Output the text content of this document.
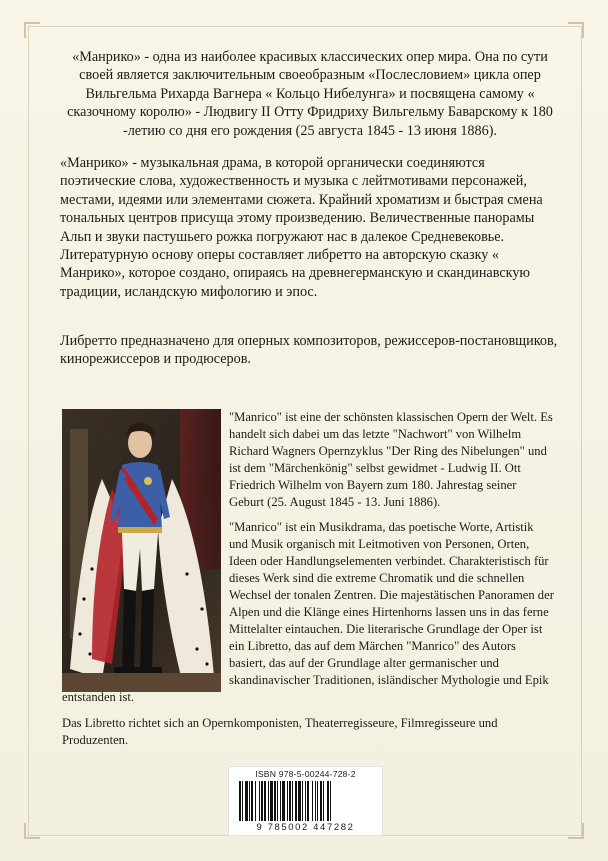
«Манрико» - одна из наиболее красивых классических опер мира. Она по сути своей является заключительным своеобразным «Послесловием» цикла опер Вильгельма Рихарда Вагнера « Кольцо Нибелунга» и посвящена самому « сказочному королю» - Людвигу II Отту Фридриху Вильгельму Баварскому к 180 -летию со дня его рождения (25 августа 1845 - 13 июня 1886).

«Манрико» - музыкальная драма, в которой органически соединяются поэтические слова, художественность и музыка с лейтмотивами персонажей, местами, идеями или элементами сюжета. Крайний хроматизм и быстрая смена тональных центров присуща этому произведению. Величественные панорамы Альп и звуки пастушьего рожка погружают нас в далекое Средневековье. Литературную основу оперы составляет либретто на авторскую сказку « Манрико», которое создано, опираясь на древнегерманскую и скандинавскую традиции, исландскую мифологию и эпос.

Либретто предназначено для оперных композиторов, режиссеров-постановщиков, кинорежиссеров и продюсеров.

"Manrico" ist eine der schönsten klassischen Opern der Welt. Es handelt sich dabei um das letzte "Nachwort" von Wilhelm Richard Wagners Opernzyklus "Der Ring des Nibelungen" und ist dem "Märchenkönig" selbst gewidmet - Ludwig II. Ott Friedrich Wilhelm von Bayern zum 180. Jahrestag seiner Geburt (25. August 1845 - 13. Juni 1886).

"Manrico" ist ein Musikdrama, das poetische Worte, Artistik und Musik organisch mit Leitmotiven von Personen, Orten, Ideen oder Handlungselementen verbindet. Charakteristisch für dieses Werk sind die extreme Chromatik und die schnellen Wechsel der tonalen Zentren. Die majestätischen Panoramen der Alpen und die Klänge eines Hirtenhorns lassen uns in das ferne Mittelalter eintauchen. Die literarische Grundlage der Oper ist ein Libretto, das auf dem Märchen "Manrico" des Autors basiert, das auf der Grundlage alter germanischer und skandinavischer Traditionen, isländischer Mythologie und Epik

entstanden ist.

Das Libretto richtet sich an Opernkomponisten, Theaterregisseure, Filmregisseure und Produzenten.

ISBN 978-5-00244-728-2
9 785002 447282
